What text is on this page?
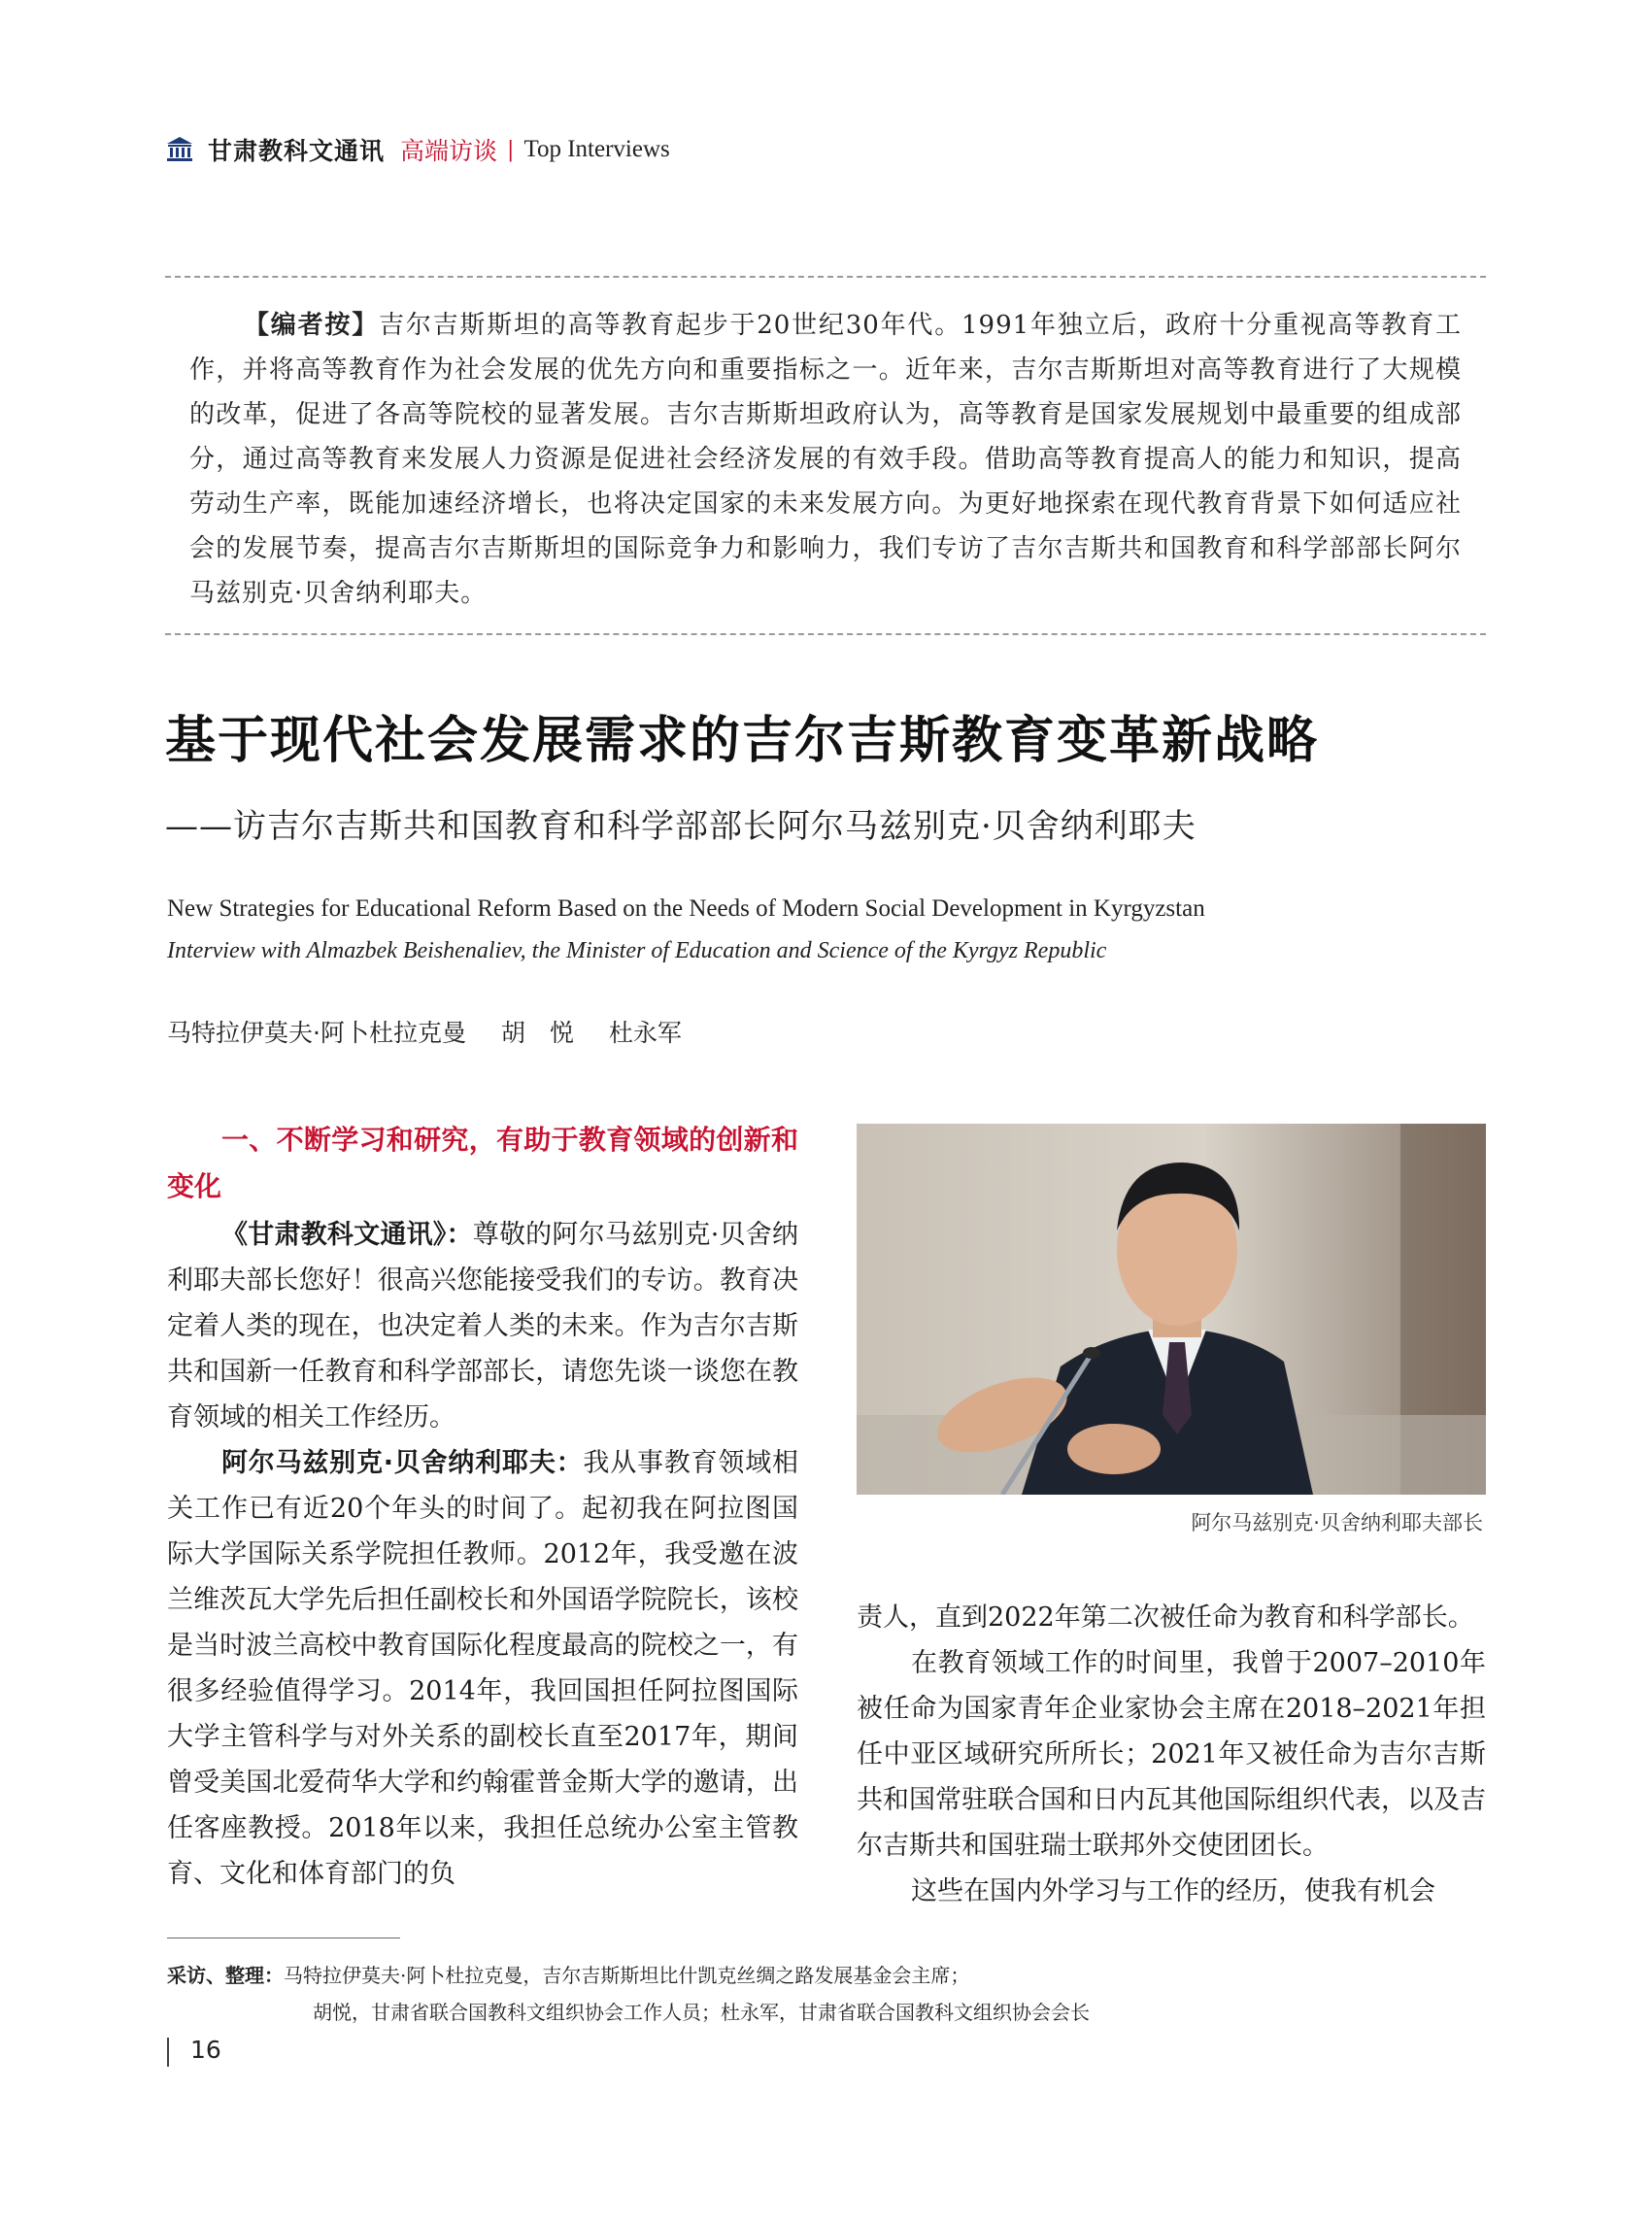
甘肃教科文通讯 高端访谈 | Top Interviews
【编者按】吉尔吉斯斯坦的高等教育起步于20世纪30年代。1991年独立后，政府十分重视高等教育工作，并将高等教育作为社会发展的优先方向和重要指标之一。近年来，吉尔吉斯斯坦对高等教育进行了大规模的改革，促进了各高等院校的显著发展。吉尔吉斯斯坦政府认为，高等教育是国家发展规划中最重要的组成部分，通过高等教育来发展人力资源是促进社会经济发展的有效手段。借助高等教育提高人的能力和知识，提高劳动生产率，既能加速经济增长，也将决定国家的未来发展方向。为更好地探索在现代教育背景下如何适应社会的发展节奏，提高吉尔吉斯斯坦的国际竞争力和影响力，我们专访了吉尔吉斯共和国教育和科学部部长阿尔马兹别克·贝舍纳利耶夫。
基于现代社会发展需求的吉尔吉斯教育变革新战略
——访吉尔吉斯共和国教育和科学部部长阿尔马兹别克·贝舍纳利耶夫
New Strategies for Educational Reform Based on the Needs of Modern Social Development in Kyrgyzstan
Interview with Almazbek Beishenaliev, the Minister of Education and Science of the Kyrgyz Republic
马特拉伊莫夫·阿卜杜拉克曼 胡　悦 杜永军

一、不断学习和研究，有助于教育领域的创新和变化

《甘肃教科文通讯》：尊敬的阿尔马兹别克·贝舍纳利耶夫部长您好！很高兴您能接受我们的专访。教育决定着人类的现在，也决定着人类的未来。作为吉尔吉斯共和国新一任教育和科学部部长，请您先谈一谈您在教育领域的相关工作经历。

阿尔马兹别克·贝舍纳利耶夫：我从事教育领域相关工作已有近20个年头的时间了。起初我在阿拉图国际大学国际关系学院担任教师。2012年，我受邀在波兰维茨瓦大学先后担任副校长和外国语学院院长，该校是当时波兰高校中教育国际化程度最高的院校之一，有很多经验值得学习。2014年，我回国担任阿拉图国际大学主管科学与对外关系的副校长直至2017年，期间曾受美国北爱荷华大学和约翰霍普金斯大学的邀请，出任客座教授。2018年以来，我担任总统办公室主管教育、文化和体育部门的负

阿尔马兹别克·贝舍纳利耶夫部长

责人，直到2022年第二次被任命为教育和科学部长。

在教育领域工作的时间里，我曾于2007–2010年被任命为国家青年企业家协会主席在2018–2021年担任中亚区域研究所所长；2021年又被任命为吉尔吉斯共和国常驻联合国和日内瓦其他国际组织代表，以及吉尔吉斯共和国驻瑞士联邦外交使团团长。

这些在国内外学习与工作的经历，使我有机会

采访、整理：马特拉伊莫夫·阿卜杜拉克曼，吉尔吉斯斯坦比什凯克丝绸之路发展基金会主席；
胡悦，甘肃省联合国教科文组织协会工作人员；杜永军，甘肃省联合国教科文组织协会会长
16
